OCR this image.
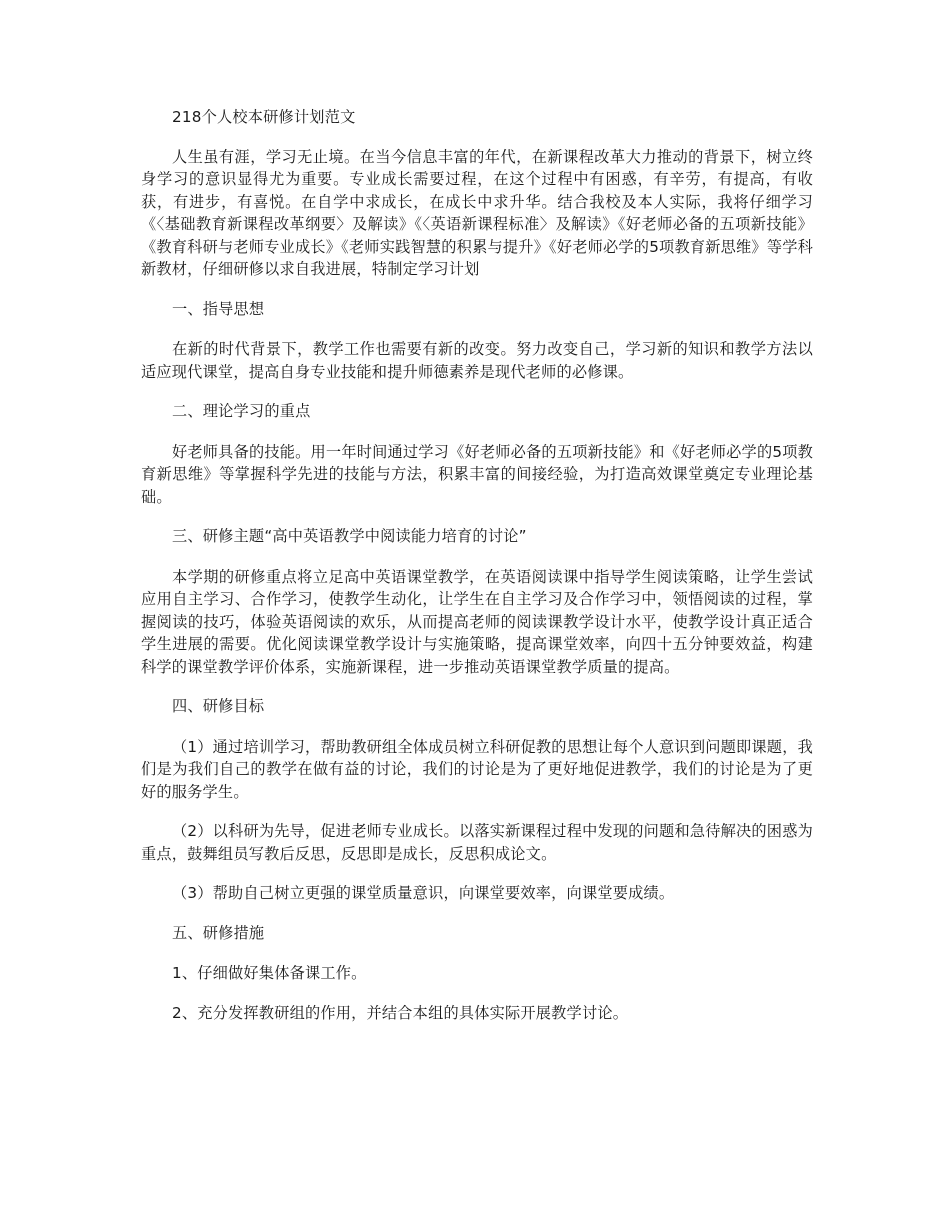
218个人校本研修计划范文

人生虽有涯，学习无止境。在当今信息丰富的年代，在新课程改革大力推动的背景下，树立终身学习的意识显得尤为重要。专业成长需要过程，在这个过程中有困惑，有辛劳，有提高，有收获，有进步，有喜悦。在自学中求成长，在成长中求升华。结合我校及本人实际，我将仔细学习《〈基础教育新课程改革纲要〉及解读》《〈英语新课程标准〉及解读》《好老师必备的五项新技能》《教育科研与老师专业成长》《老师实践智慧的积累与提升》《好老师必学的5项教育新思维》等学科新教材，仔细研修以求自我进展，特制定学习计划

一、指导思想

在新的时代背景下，教学工作也需要有新的改变。努力改变自己，学习新的知识和教学方法以适应现代课堂，提高自身专业技能和提升师德素养是现代老师的必修课。

二、理论学习的重点

好老师具备的技能。用一年时间通过学习《好老师必备的五项新技能》和《好老师必学的5项教育新思维》等掌握科学先进的技能与方法，积累丰富的间接经验，为打造高效课堂奠定专业理论基础。

三、研修主题“高中英语教学中阅读能力培育的讨论”

本学期的研修重点将立足高中英语课堂教学，在英语阅读课中指导学生阅读策略，让学生尝试应用自主学习、合作学习，使教学生动化，让学生在自主学习及合作学习中，领悟阅读的过程，掌握阅读的技巧，体验英语阅读的欢乐，从而提高老师的阅读课教学设计水平，使教学设计真正适合学生进展的需要。优化阅读课堂教学设计与实施策略，提高课堂效率，向四十五分钟要效益，构建科学的课堂教学评价体系，实施新课程，进一步推动英语课堂教学质量的提高。

四、研修目标

（1）通过培训学习，帮助教研组全体成员树立科研促教的思想让每个人意识到问题即课题，我们是为我们自己的教学在做有益的讨论，我们的讨论是为了更好地促进教学，我们的讨论是为了更好的服务学生。

（2）以科研为先导，促进老师专业成长。以落实新课程过程中发现的问题和急待解决的困惑为重点，鼓舞组员写教后反思，反思即是成长，反思积成论文。

（3）帮助自己树立更强的课堂质量意识，向课堂要效率，向课堂要成绩。

五、研修措施

1、仔细做好集体备课工作。

2、充分发挥教研组的作用，并结合本组的具体实际开展教学讨论。
